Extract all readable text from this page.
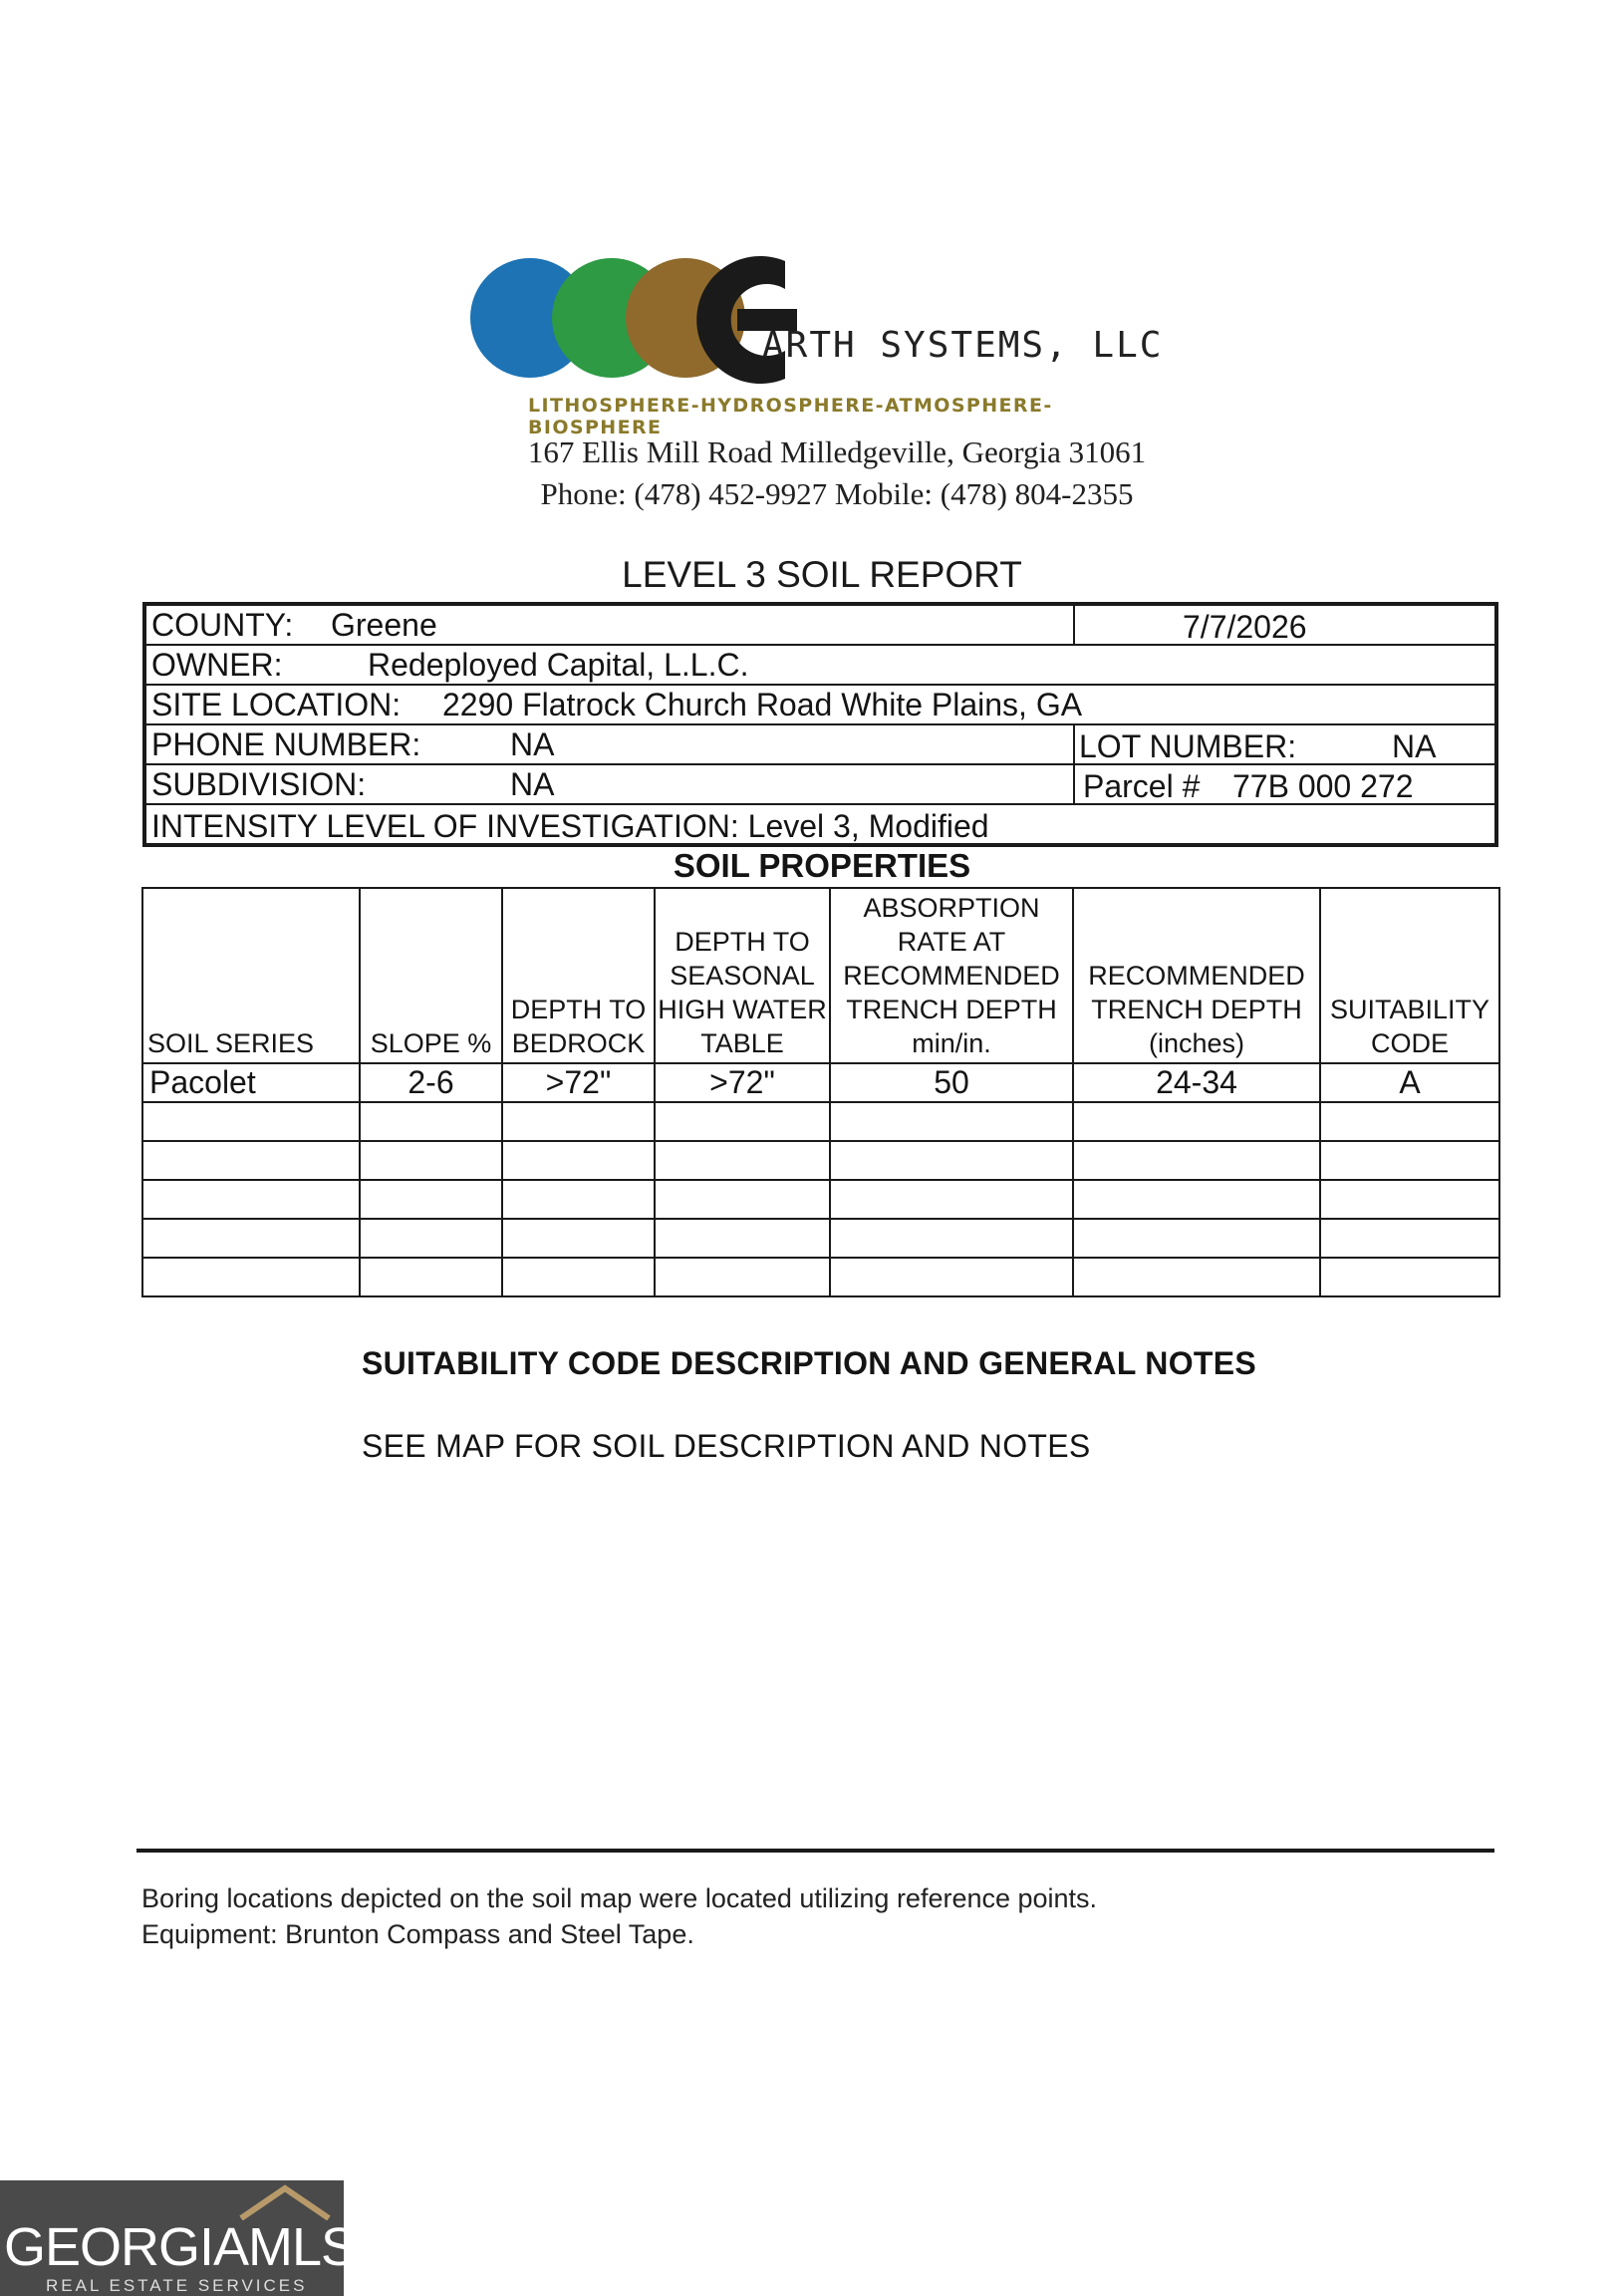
ARTH SYSTEMS, LLC
LITHOSPHERE-HYDROSPHERE-ATMOSPHERE-BIOSPHERE
167 Ellis Mill Road Milledgeville, Georgia 31061
Phone: (478) 452-9927 Mobile: (478) 804-2355
LEVEL 3 SOIL REPORT
COUNTY: Greene	7/7/2026
OWNER:	Redeployed Capital, L.L.C.
SITE LOCATION: 2290 Flatrock Church Road White Plains, GA
PHONE NUMBER:	NA	LOT NUMBER:	NA
SUBDIVISION:	NA	Parcel # 77B 000 272
INTENSITY LEVEL OF INVESTIGATION: Level 3, Modified
SOIL PROPERTIES
SOIL SERIES	SLOPE %	DEPTH TO BEDROCK	DEPTH TO SEASONAL HIGH WATER TABLE	ABSORPTION RATE AT RECOMMENDED TRENCH DEPTH min/in.	RECOMMENDED TRENCH DEPTH (inches)	SUITABILITY CODE
Pacolet	2-6	>72"	>72"	50	24-34	A

SUITABILITY CODE DESCRIPTION AND GENERAL NOTES
SEE MAP FOR SOIL DESCRIPTION AND NOTES
Boring locations depicted on the soil map were located utilizing reference points.
Equipment: Brunton Compass and Steel Tape.
GEORGIAMLS
REAL ESTATE SERVICES
